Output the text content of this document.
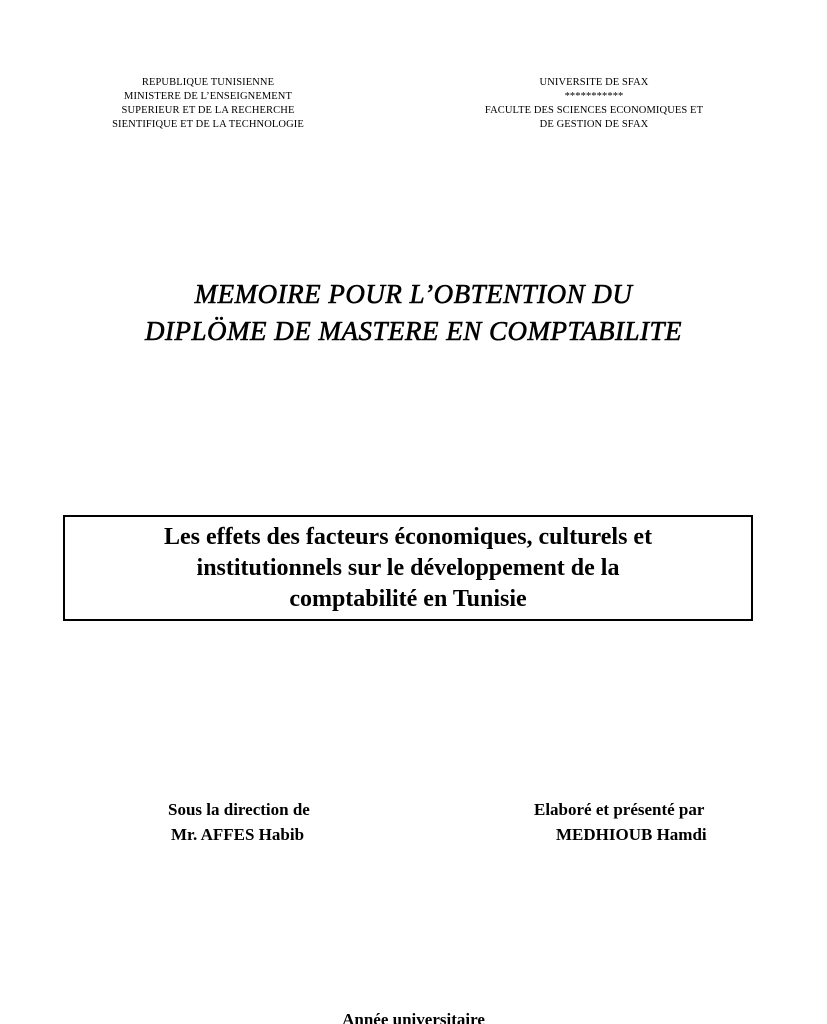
REPUBLIQUE TUNISIENNE
MINISTERE DE L’ENSEIGNEMENT
SUPERIEUR ET DE LA RECHERCHE
SIENTIFIQUE ET DE LA TECHNOLOGIE
UNIVERSITE DE SFAX
***********
FACULTE DES SCIENCES ECONOMIQUES ET
DE GESTION DE SFAX
MEMOIRE POUR L’OBTENTION DU
DIPLÖME DE MASTERE EN COMPTABILITE
Les effets des facteurs économiques, culturels et
institutionnels sur le développement de la
comptabilité en Tunisie
Sous la direction de
Mr. AFFES Habib
Elaboré et présenté par
MEDHIOUB Hamdi
Année universitaire
